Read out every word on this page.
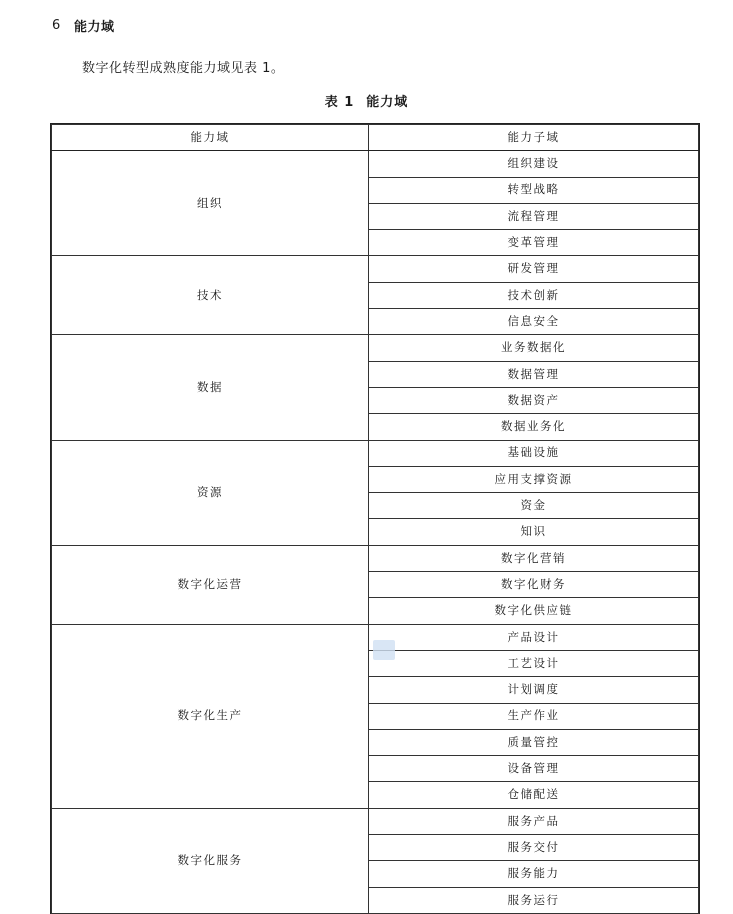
6	能力域
数字化转型成熟度能力域见表 1。
表 1 能力域
能力域	能力子域
组织	组织建设
	转型战略
	流程管理
	变革管理
技术	研发管理
	技术创新
	信息安全
数据	业务数据化
	数据管理
	数据资产
	数据业务化
资源	基础设施
	应用支撑资源
	资金
	知识
数字化运营	数字化营销
	数字化财务
	数字化供应链
数字化生产	产品设计
	工艺设计
	计划调度
	生产作业
	质量管控
	设备管理
	仓储配送
数字化服务	服务产品
	服务交付
	服务能力
	服务运行
